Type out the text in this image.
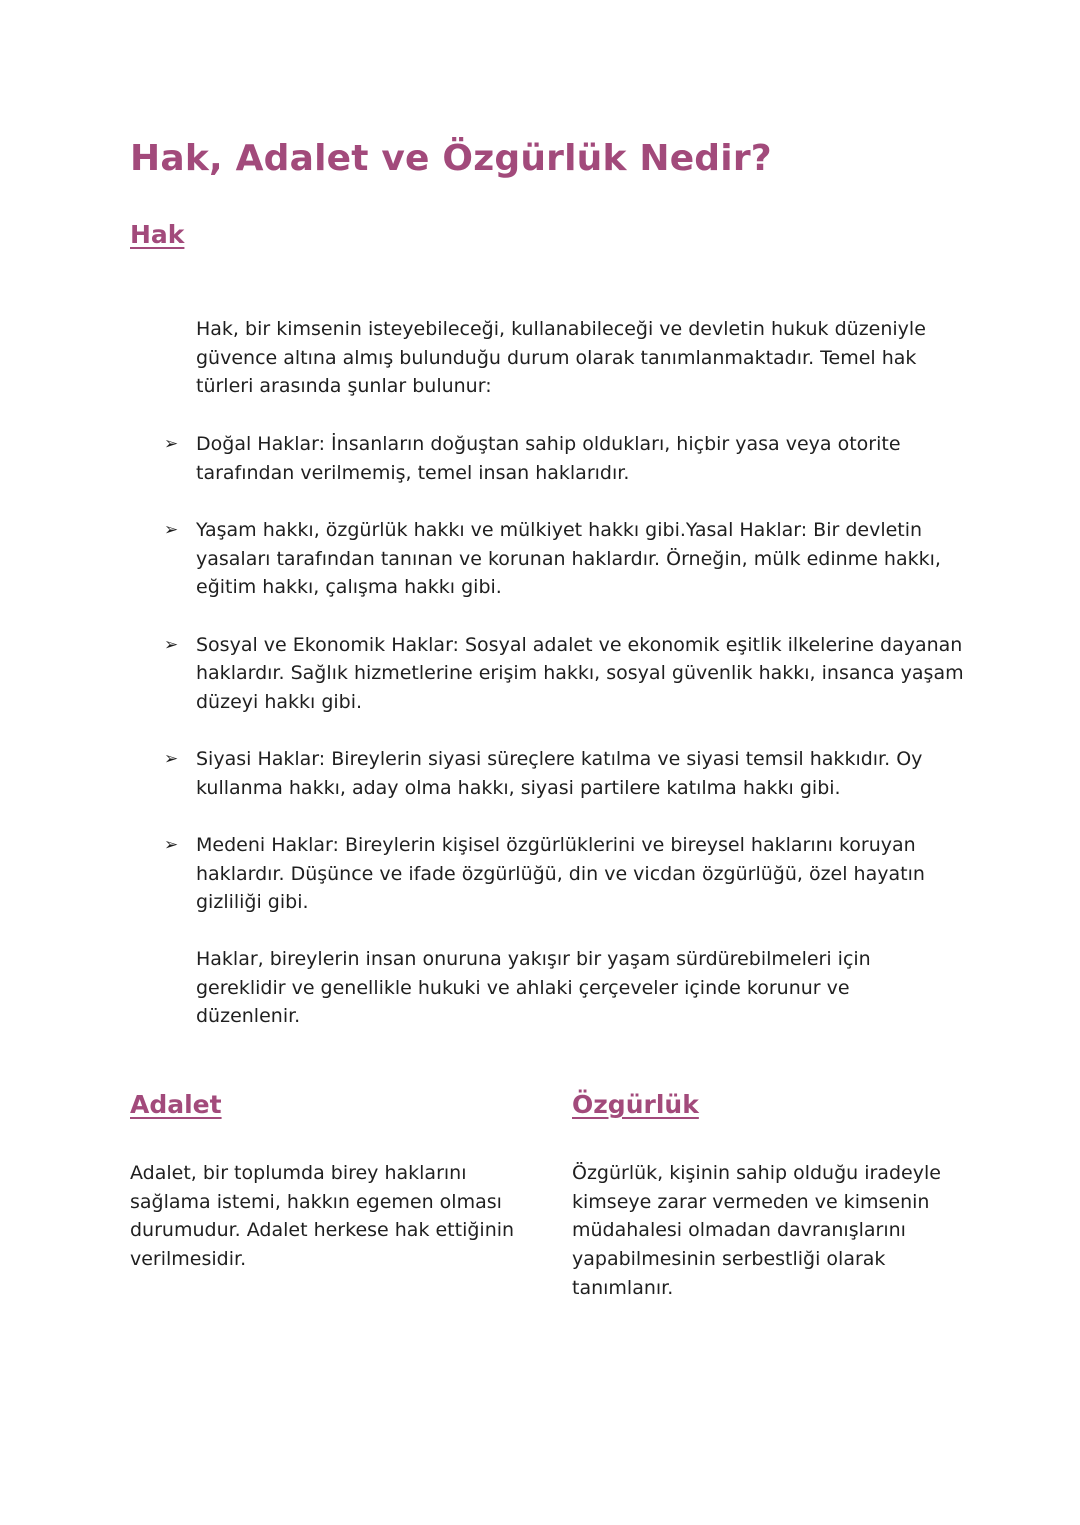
Hak, Adalet ve Özgürlük Nedir?
Hak

Hak, bir kimsenin isteyebileceği, kullanabileceği ve devletin hukuk düzeniyle güvence altına almış bulunduğu durum olarak tanımlanmaktadır. Temel hak türleri arasında şunlar bulunur:

➢ Doğal Haklar: İnsanların doğuştan sahip oldukları, hiçbir yasa veya otorite tarafından verilmemiş, temel insan haklarıdır.

➢ Yaşam hakkı, özgürlük hakkı ve mülkiyet hakkı gibi.Yasal Haklar: Bir devletin yasaları tarafından tanınan ve korunan haklardır. Örneğin, mülk edinme hakkı, eğitim hakkı, çalışma hakkı gibi.

➢ Sosyal ve Ekonomik Haklar: Sosyal adalet ve ekonomik eşitlik ilkelerine dayanan haklardır. Sağlık hizmetlerine erişim hakkı, sosyal güvenlik hakkı, insanca yaşam düzeyi hakkı gibi.

➢ Siyasi Haklar: Bireylerin siyasi süreçlere katılma ve siyasi temsil hakkıdır. Oy kullanma hakkı, aday olma hakkı, siyasi partilere katılma hakkı gibi.

➢ Medeni Haklar: Bireylerin kişisel özgürlüklerini ve bireysel haklarını koruyan haklardır. Düşünce ve ifade özgürlüğü, din ve vicdan özgürlüğü, özel hayatın gizliliği gibi.

Haklar, bireylerin insan onuruna yakışır bir yaşam sürdürebilmeleri için gereklidir ve genellikle hukuki ve ahlaki çerçeveler içinde korunur ve düzenlenir.

Adalet

Adalet, bir toplumda birey haklarını sağlama istemi, hakkın egemen olması durumudur. Adalet herkese hak ettiğinin verilmesidir.

Özgürlük

Özgürlük, kişinin sahip olduğu iradeyle kimseye zarar vermeden ve kimsenin müdahalesi olmadan davranışlarını yapabilmesinin serbestliği olarak tanımlanır.
